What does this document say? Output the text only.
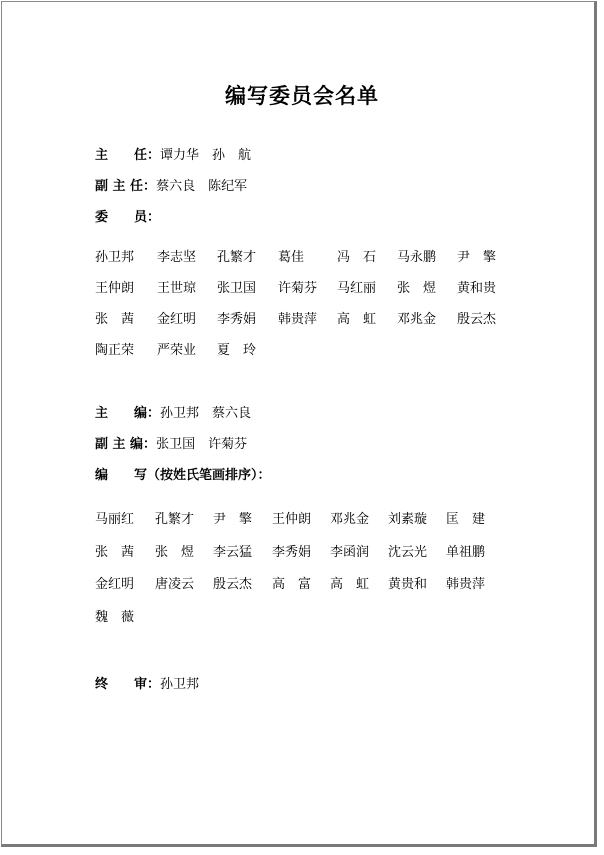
编写委员会名单
主　　任：谭力华　孙　航
副 主 任：蔡六良　陈纪军
委　　员：
孙卫邦 李志坚 孔繁才 葛佳	冯　石 马永鹏 尹　擎
王仲朗 王世琼 张卫国 许菊芬 马红丽 张　煜 黄和贵
张　茜 金红明 李秀娟 韩贵萍 高　虹 邓兆金 殷云杰
陶正荣 严荣业 夏　玲
主　　编：孙卫邦　蔡六良
副 主 编：张卫国　许菊芬
编　　写（按姓氏笔画排序）：
马丽红 孔繁才 尹　擎 王仲朗 邓兆金 刘素璇 匡　建
张　茜 张　煜 李云猛 李秀娟 李函润 沈云光 单祖鹏
金红明 唐凌云 殷云杰 高　富 高　虹 黄贵和 韩贵萍
魏　薇
终　　审：孙卫邦
